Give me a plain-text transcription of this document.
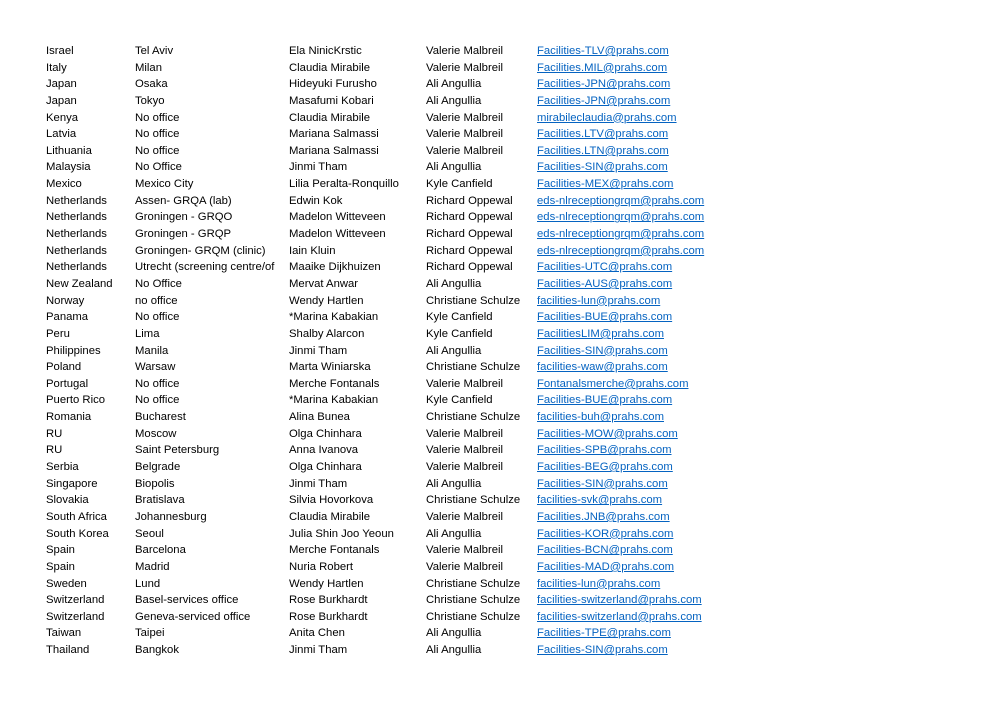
Israel	Tel Aviv	Ela NinicKrstic	Valerie Malbreil	Facilities-TLV@prahs.com
Italy	Milan	Claudia Mirabile	Valerie Malbreil	Facilities.MIL@prahs.com
Japan	Osaka	Hideyuki Furusho	Ali Angullia	Facilities-JPN@prahs.com
Japan	Tokyo	Masafumi Kobari	Ali Angullia	Facilities-JPN@prahs.com
Kenya	No office	Claudia Mirabile	Valerie Malbreil	mirabileclaudia@prahs.com
Latvia	No office	Mariana Salmassi	Valerie Malbreil	Facilities.LTV@prahs.com
Lithuania	No office	Mariana Salmassi	Valerie Malbreil	Facilities.LTN@prahs.com
Malaysia	No Office	Jinmi Tham	Ali Angullia	Facilities-SIN@prahs.com
Mexico	Mexico City	Lilia Peralta-Ronquillo	Kyle Canfield	Facilities-MEX@prahs.com
Netherlands	Assen- GRQA (lab)	Edwin Kok	Richard Oppewal	eds-nlreceptiongrqm@prahs.com
Netherlands	Groningen - GRQO	Madelon Witteveen	Richard Oppewal	eds-nlreceptiongrqm@prahs.com
Netherlands	Groningen - GRQP	Madelon Witteveen	Richard Oppewal	eds-nlreceptiongrqm@prahs.com
Netherlands	Groningen- GRQM (clinic)	Iain Kluin	Richard Oppewal	eds-nlreceptiongrqm@prahs.com
Netherlands	Utrecht (screening centre/of	Maaike Dijkhuizen	Richard Oppewal	Facilities-UTC@prahs.com
New Zealand	No Office	Mervat Anwar	Ali Angullia	Facilities-AUS@prahs.com
Norway	no office	Wendy Hartlen	Christiane Schulze	facilities-lun@prahs.com
Panama	No office	*Marina Kabakian	Kyle Canfield	Facilities-BUE@prahs.com
Peru	Lima	Shalby Alarcon	Kyle Canfield	FacilitiesLIM@prahs.com
Philippines	Manila	Jinmi Tham	Ali Angullia	Facilities-SIN@prahs.com
Poland	Warsaw	Marta Winiarska	Christiane Schulze	facilities-waw@prahs.com
Portugal	No office	Merche Fontanals	Valerie Malbreil	Fontanalsmerche@prahs.com
Puerto Rico	No office	*Marina Kabakian	Kyle Canfield	Facilities-BUE@prahs.com
Romania	Bucharest	Alina Bunea	Christiane Schulze	facilities-buh@prahs.com
RU	Moscow	Olga Chinhara	Valerie Malbreil	Facilities-MOW@prahs.com
RU	Saint Petersburg	Anna Ivanova	Valerie Malbreil	Facilities-SPB@prahs.com
Serbia	Belgrade	Olga Chinhara	Valerie Malbreil	Facilities-BEG@prahs.com
Singapore	Biopolis	Jinmi Tham	Ali Angullia	Facilities-SIN@prahs.com
Slovakia	Bratislava	Silvia Hovorkova	Christiane Schulze	facilities-svk@prahs.com
South Africa	Johannesburg	Claudia Mirabile	Valerie Malbreil	Facilities.JNB@prahs.com
South Korea	Seoul	Julia Shin Joo Yeoun	Ali Angullia	Facilities-KOR@prahs.com
Spain	Barcelona	Merche Fontanals	Valerie Malbreil	Facilities-BCN@prahs.com
Spain	Madrid	Nuria Robert	Valerie Malbreil	Facilities-MAD@prahs.com
Sweden	Lund	Wendy Hartlen	Christiane Schulze	facilities-lun@prahs.com
Switzerland	Basel-services office	Rose Burkhardt	Christiane Schulze	facilities-switzerland@prahs.com
Switzerland	Geneva-serviced office	Rose Burkhardt	Christiane Schulze	facilities-switzerland@prahs.com
Taiwan	Taipei	Anita Chen	Ali Angullia	Facilities-TPE@prahs.com
Thailand	Bangkok	Jinmi Tham	Ali Angullia	Facilities-SIN@prahs.com
